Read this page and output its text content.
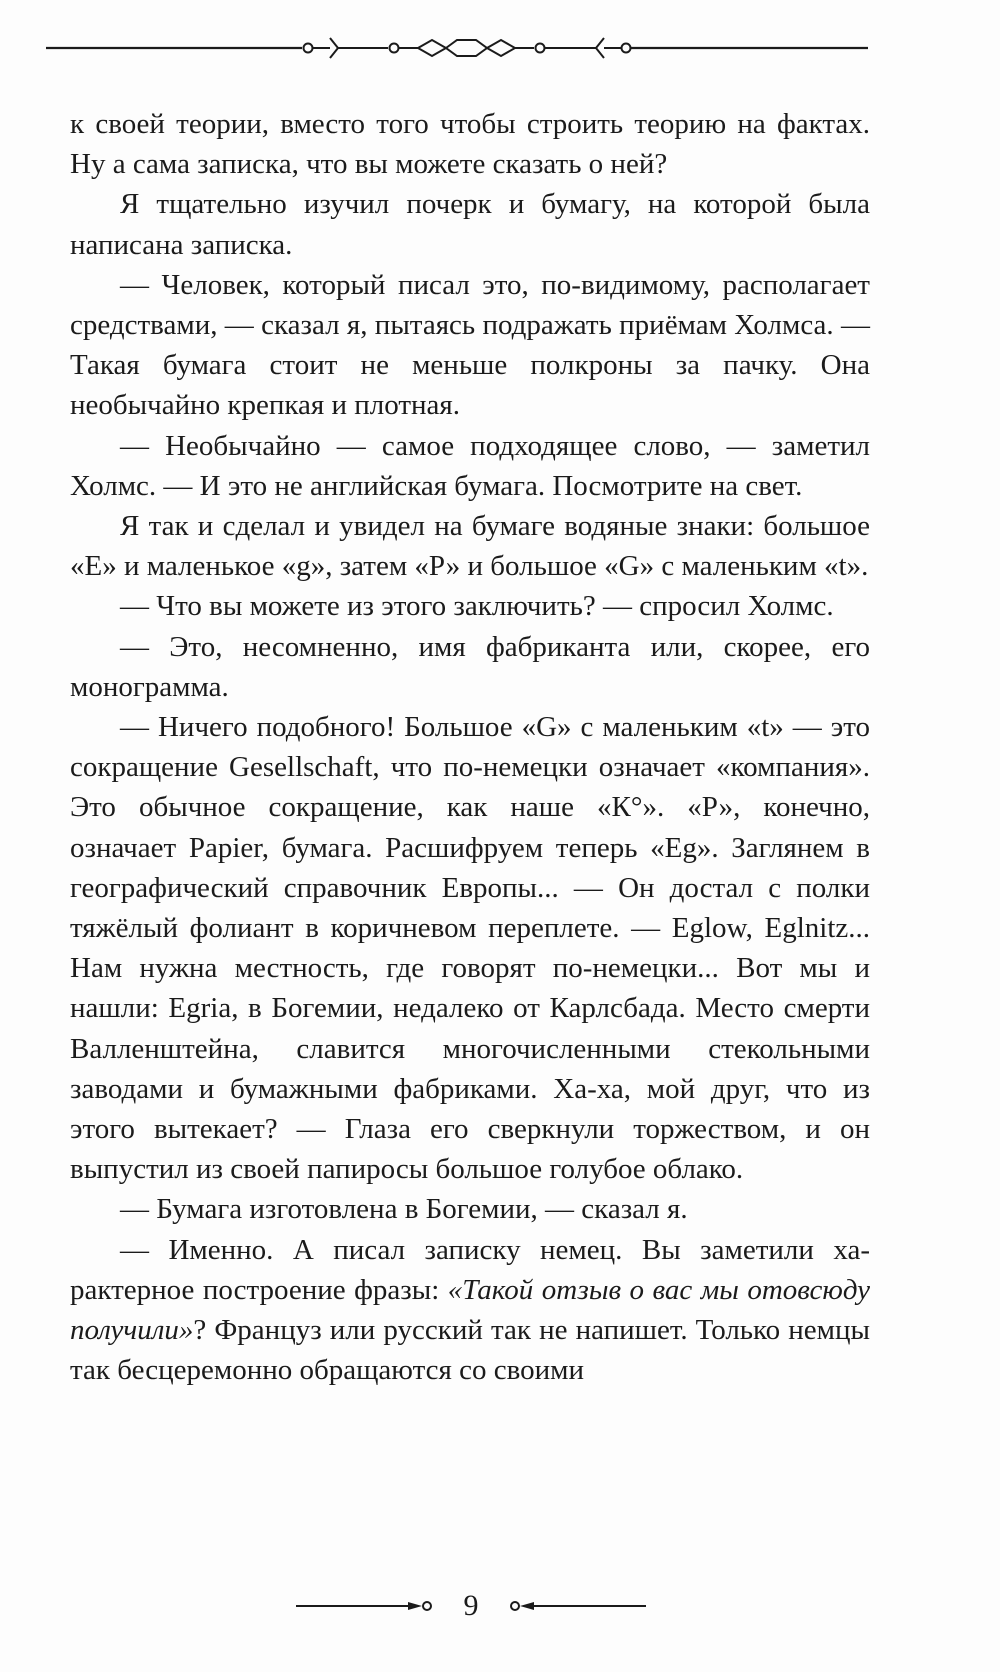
к своей теории, вместо того чтобы строить теорию на фактах. Ну а сама записка, что вы можете сказать о ней?

Я тщательно изучил почерк и бумагу, на которой была написана записка.

— Человек, который писал это, по-видимому, располагает средствами, — сказал я, пытаясь подражать приёмам Холмса. — Такая бумага стоит не меньше полкроны за пачку. Она необычайно крепкая и плотная.

— Необычайно — самое подходящее слово, — заметил Холмс. — И это не английская бумага. Посмотрите на свет.

Я так и сделал и увидел на бумаге водяные знаки: большое «Е» и маленькое «g», затем «Р» и большое «G» с маленьким «t».

— Что вы можете из этого заключить? — спросил Холмс.

— Это, несомненно, имя фабриканта или, скорее, его монограмма.

— Ничего подобного! Большое «G» с маленьким «t» — это сокращение Gesellschaft, что по-немецки означает «компания». Это обычное сокращение, как наше «К°». «Р», конечно, означает Papier, бумага. Расшифруем теперь «Eg». Заглянем в географический справочник Европы... — Он достал с полки тяжёлый фолиант в коричневом переплете. — Eglow, Eglnitz... Нам нужна местность, где говорят по-немецки... Вот мы и нашли: Egria, в Богемии, недалеко от Карлсбада. Место смерти Валленштейна, славится многочисленными стекольными заводами и бумажными фабриками. Ха-ха, мой друг, что из этого вытекает? — Глаза его сверкнули торжеством, и он выпустил из своей папиросы большое голубое облако.

— Бумага изготовлена в Богемии, — сказал я.

— Именно. А писал записку немец. Вы заметили характерное построение фразы: «Такой отзыв о вас мы отовсюду получили»? Француз или русский так не напишет. Только немцы так бесцеремонно обращаются со своими

9
